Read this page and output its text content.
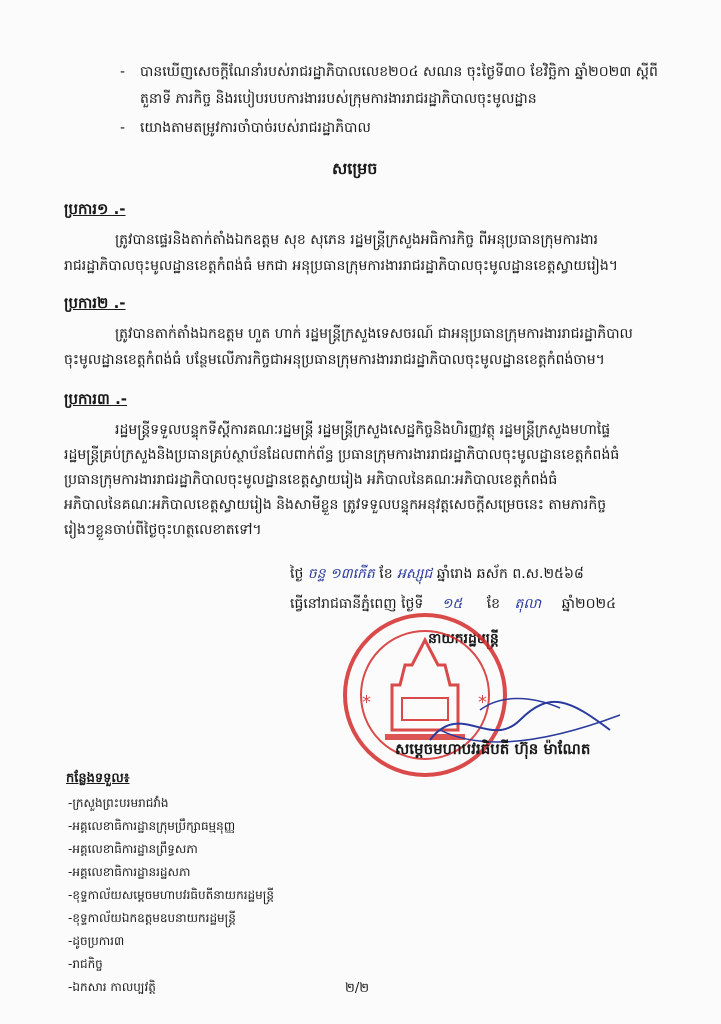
- បានឃើញសេចក្តីណែនាំរបស់រាជរដ្ឋាភិបាលលេខ២០៤ សណន ចុះថ្ងៃទី៣០ ខែវិច្ឆិកា ឆ្នាំ២០២៣ ស្តីពី
តួនាទី ភារកិច្ច និងរបៀបរបបការងាររបស់ក្រុមការងាររាជរដ្ឋាភិបាលចុះមូលដ្ឋាន
- យោងតាមតម្រូវការចាំបាច់របស់រាជរដ្ឋាភិបាល
សម្រេច
ប្រការ១ .-
ត្រូវបានផ្ទេរនិងតាក់តាំងឯកឧត្តម សុខ សុភេន រដ្ឋមន្ត្រីក្រសួងអធិការកិច្ច ពីអនុប្រធានក្រុមការងារ
រាជរដ្ឋាភិបាលចុះមូលដ្ឋានខេត្តកំពង់ធំ មកជា អនុប្រធានក្រុមការងាររាជរដ្ឋាភិបាលចុះមូលដ្ឋានខេត្តស្វាយរៀង។
ប្រការ២ .-
ត្រូវបានតាក់តាំងឯកឧត្តម ហួត ហាក់ រដ្ឋមន្ត្រីក្រសួងទេសចរណ៍ ជាអនុប្រធានក្រុមការងាររាជរដ្ឋាភិបាល
ចុះមូលដ្ឋានខេត្តកំពង់ធំ បន្ថែមលើភារកិច្ចជាអនុប្រធានក្រុមការងាររាជរដ្ឋាភិបាលចុះមូលដ្ឋានខេត្តកំពង់ចាម។
ប្រការ៣ .-
រដ្ឋមន្ត្រីទទួលបន្ទុកទីស្តីការគណៈរដ្ឋមន្ត្រី រដ្ឋមន្ត្រីក្រសួងសេដ្ឋកិច្ចនិងហិរញ្ញវត្ថុ រដ្ឋមន្ត្រីក្រសួងមហាផ្ទៃ
រដ្ឋមន្ត្រីគ្រប់ក្រសួងនិងប្រធានគ្រប់ស្ថាប័នដែលពាក់ព័ន្ធ ប្រធានក្រុមការងាររាជរដ្ឋាភិបាលចុះមូលដ្ឋានខេត្តកំពង់ធំ
ប្រធានក្រុមការងាររាជរដ្ឋាភិបាលចុះមូលដ្ឋានខេត្តស្វាយរៀង អភិបាលនៃគណៈអភិបាលខេត្តកំពង់ធំ
អភិបាលនៃគណៈអភិបាលខេត្តស្វាយរៀង និងសាមីខ្លួន ត្រូវទទួលបន្ទុកអនុវត្តសេចក្តីសម្រេចនេះ តាមភារកិច្ច
រៀងៗខ្លួនចាប់ពីថ្ងៃចុះហត្ថលេខាតទៅ។
ថ្ងៃ ចន្ទ ១៣កើត ខែ អស្សុជ ឆ្នាំរោង ឆស័ក ព.ស.២៥៦៨
ធ្វើនៅរាជធានីភ្នំពេញ ថ្ងៃទី ១៥ ខែ តុលា ឆ្នាំ២០២៤
នាយករដ្ឋមន្ត្រី
*	*
សម្តេចមហាបវរធិបតី ហ៊ុន ម៉ាណែត
កន្លែងទទួល៖
-ក្រសួងព្រះបរមរាជវាំង
-អគ្គលេខាធិការដ្ឋានក្រុមប្រឹក្សាធម្មនុញ្ញ
-អគ្គលេខាធិការដ្ឋានព្រឹទ្ធសភា
-អគ្គលេខាធិការដ្ឋានរដ្ឋសភា
-ខុទ្ទកាល័យសម្តេចមហាបវរធិបតីនាយករដ្ឋមន្ត្រី
-ខុទ្ទកាល័យឯកឧត្តមឧបនាយករដ្ឋមន្ត្រី
-ដូចប្រការ៣
-រាជកិច្ច
-ឯកសារ កាលប្បវត្តិ	២/២
